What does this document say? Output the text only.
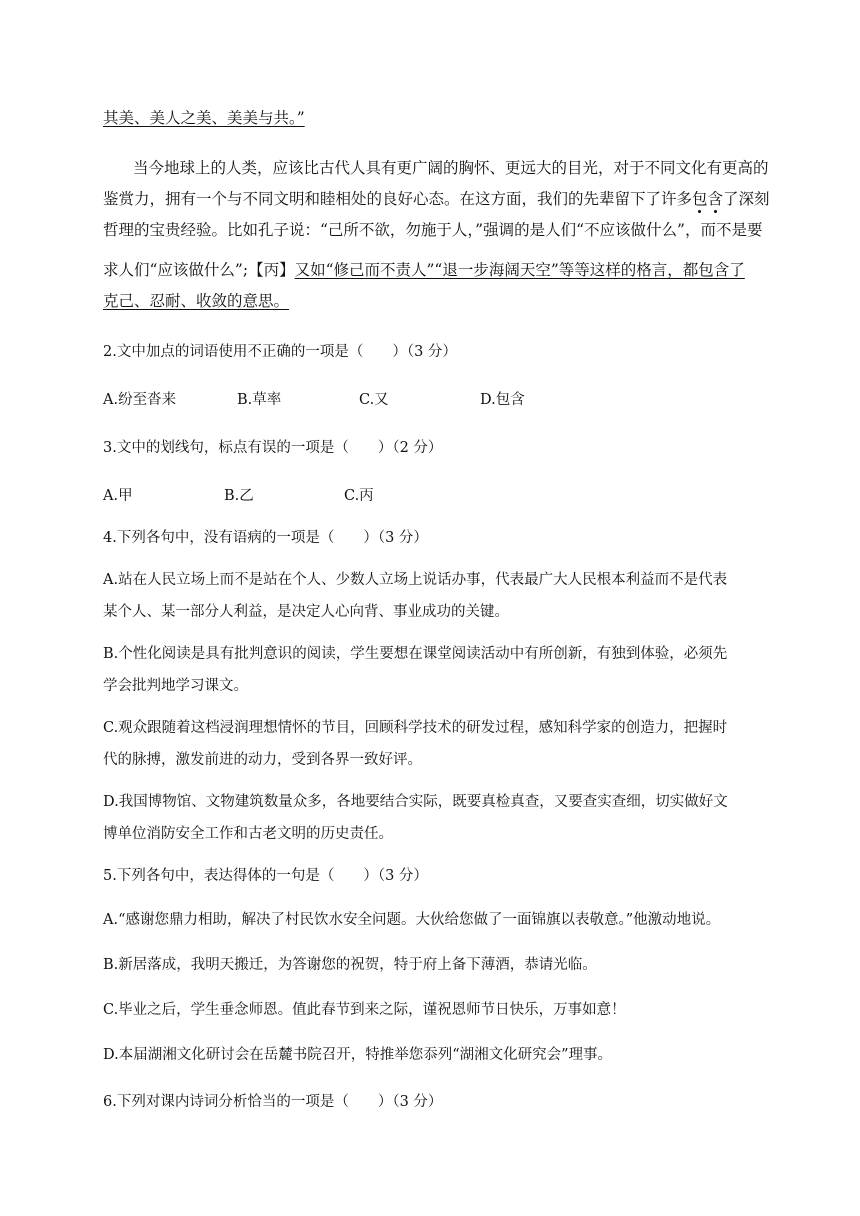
其美、美人之美、美美与共。”
当今地球上的人类，应该比古代人具有更广阔的胸怀、更远大的目光，对于不同文化有更高的
鉴赏力，拥有一个与不同文明和睦相处的良好心态。在这方面，我们的先辈留下了许多包含了深刻
哲理的宝贵经验。比如孔子说：“己所不欲，勿施于人，”强调的是人们“不应该做什么”，而不是要
求人们“应该做什么”;【丙】又如“修己而不责人”“退一步海阔天空”等等这样的格言，都包含了
克己、忍耐、收敛的意思。
2.文中加点的词语使用不正确的一项是（　　）（3 分）
A.纷至沓来	B.草率	C.又	D.包含
3.文中的划线句，标点有误的一项是（　　）（2 分）
A.甲	B.乙	C.丙
4.下列各句中，没有语病的一项是（　　）（3 分）
A.站在人民立场上而不是站在个人、少数人立场上说话办事，代表最广大人民根本利益而不是代表
某个人、某一部分人利益，是决定人心向背、事业成功的关键。
B.个性化阅读是具有批判意识的阅读，学生要想在课堂阅读活动中有所创新，有独到体验，必须先
学会批判地学习课文。
C.观众跟随着这档浸润理想情怀的节目，回顾科学技术的研发过程，感知科学家的创造力，把握时
代的脉搏，激发前进的动力，受到各界一致好评。
D.我国博物馆、文物建筑数量众多，各地要结合实际，既要真检真查，又要查实查细，切实做好文
博单位消防安全工作和古老文明的历史责任。
5.下列各句中，表达得体的一句是（　　）（3 分）
A.“感谢您鼎力相助，解决了村民饮水安全问题。大伙给您做了一面锦旗以表敬意。”他激动地说。
B.新居落成，我明天搬迁，为答谢您的祝贺，特于府上备下薄酒，恭请光临。
C.毕业之后，学生垂念师恩。值此春节到来之际，谨祝恩师节日快乐，万事如意！
D.本届湖湘文化研讨会在岳麓书院召开，特推举您忝列“湖湘文化研究会”理事。
6.下列对课内诗词分析恰当的一项是（　　）（3 分）
